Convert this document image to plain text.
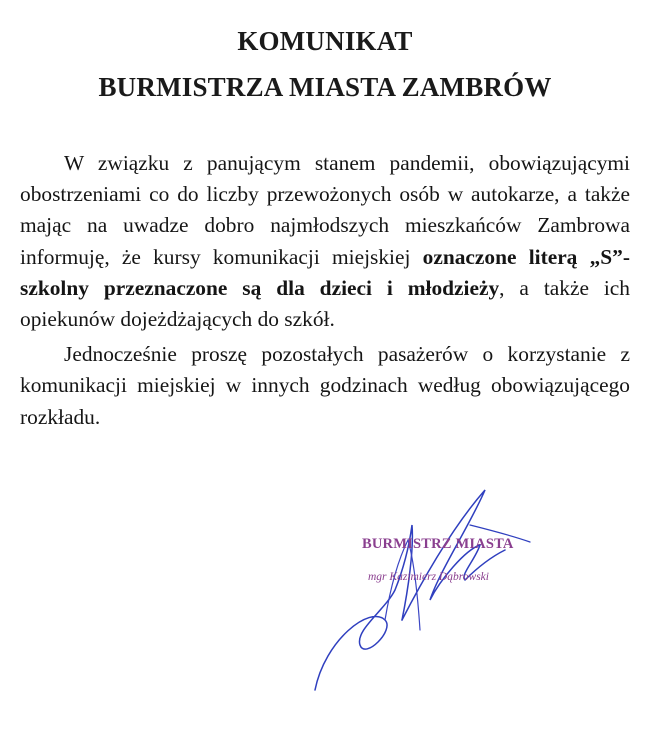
KOMUNIKAT
BURMISTRZA MIASTA ZAMBRÓW

W związku z panującym stanem pandemii, obowiązującymi obostrzeniami co do liczby przewożonych osób w autokarze, a także mając na uwadze dobro najmłodszych mieszkańców Zambrowa informuję, że kursy komunikacji miejskiej oznaczone literą „S”-szkolny przeznaczone są dla dzieci i młodzieży, a także ich opiekunów dojeżdżających do szkół.

Jednocześnie proszę pozostałych pasażerów o korzystanie z komunikacji miejskiej w innych godzinach według obowiązującego rozkładu.

BURMISTRZ MIASTA
mgr Kazimierz Dąbrowski
